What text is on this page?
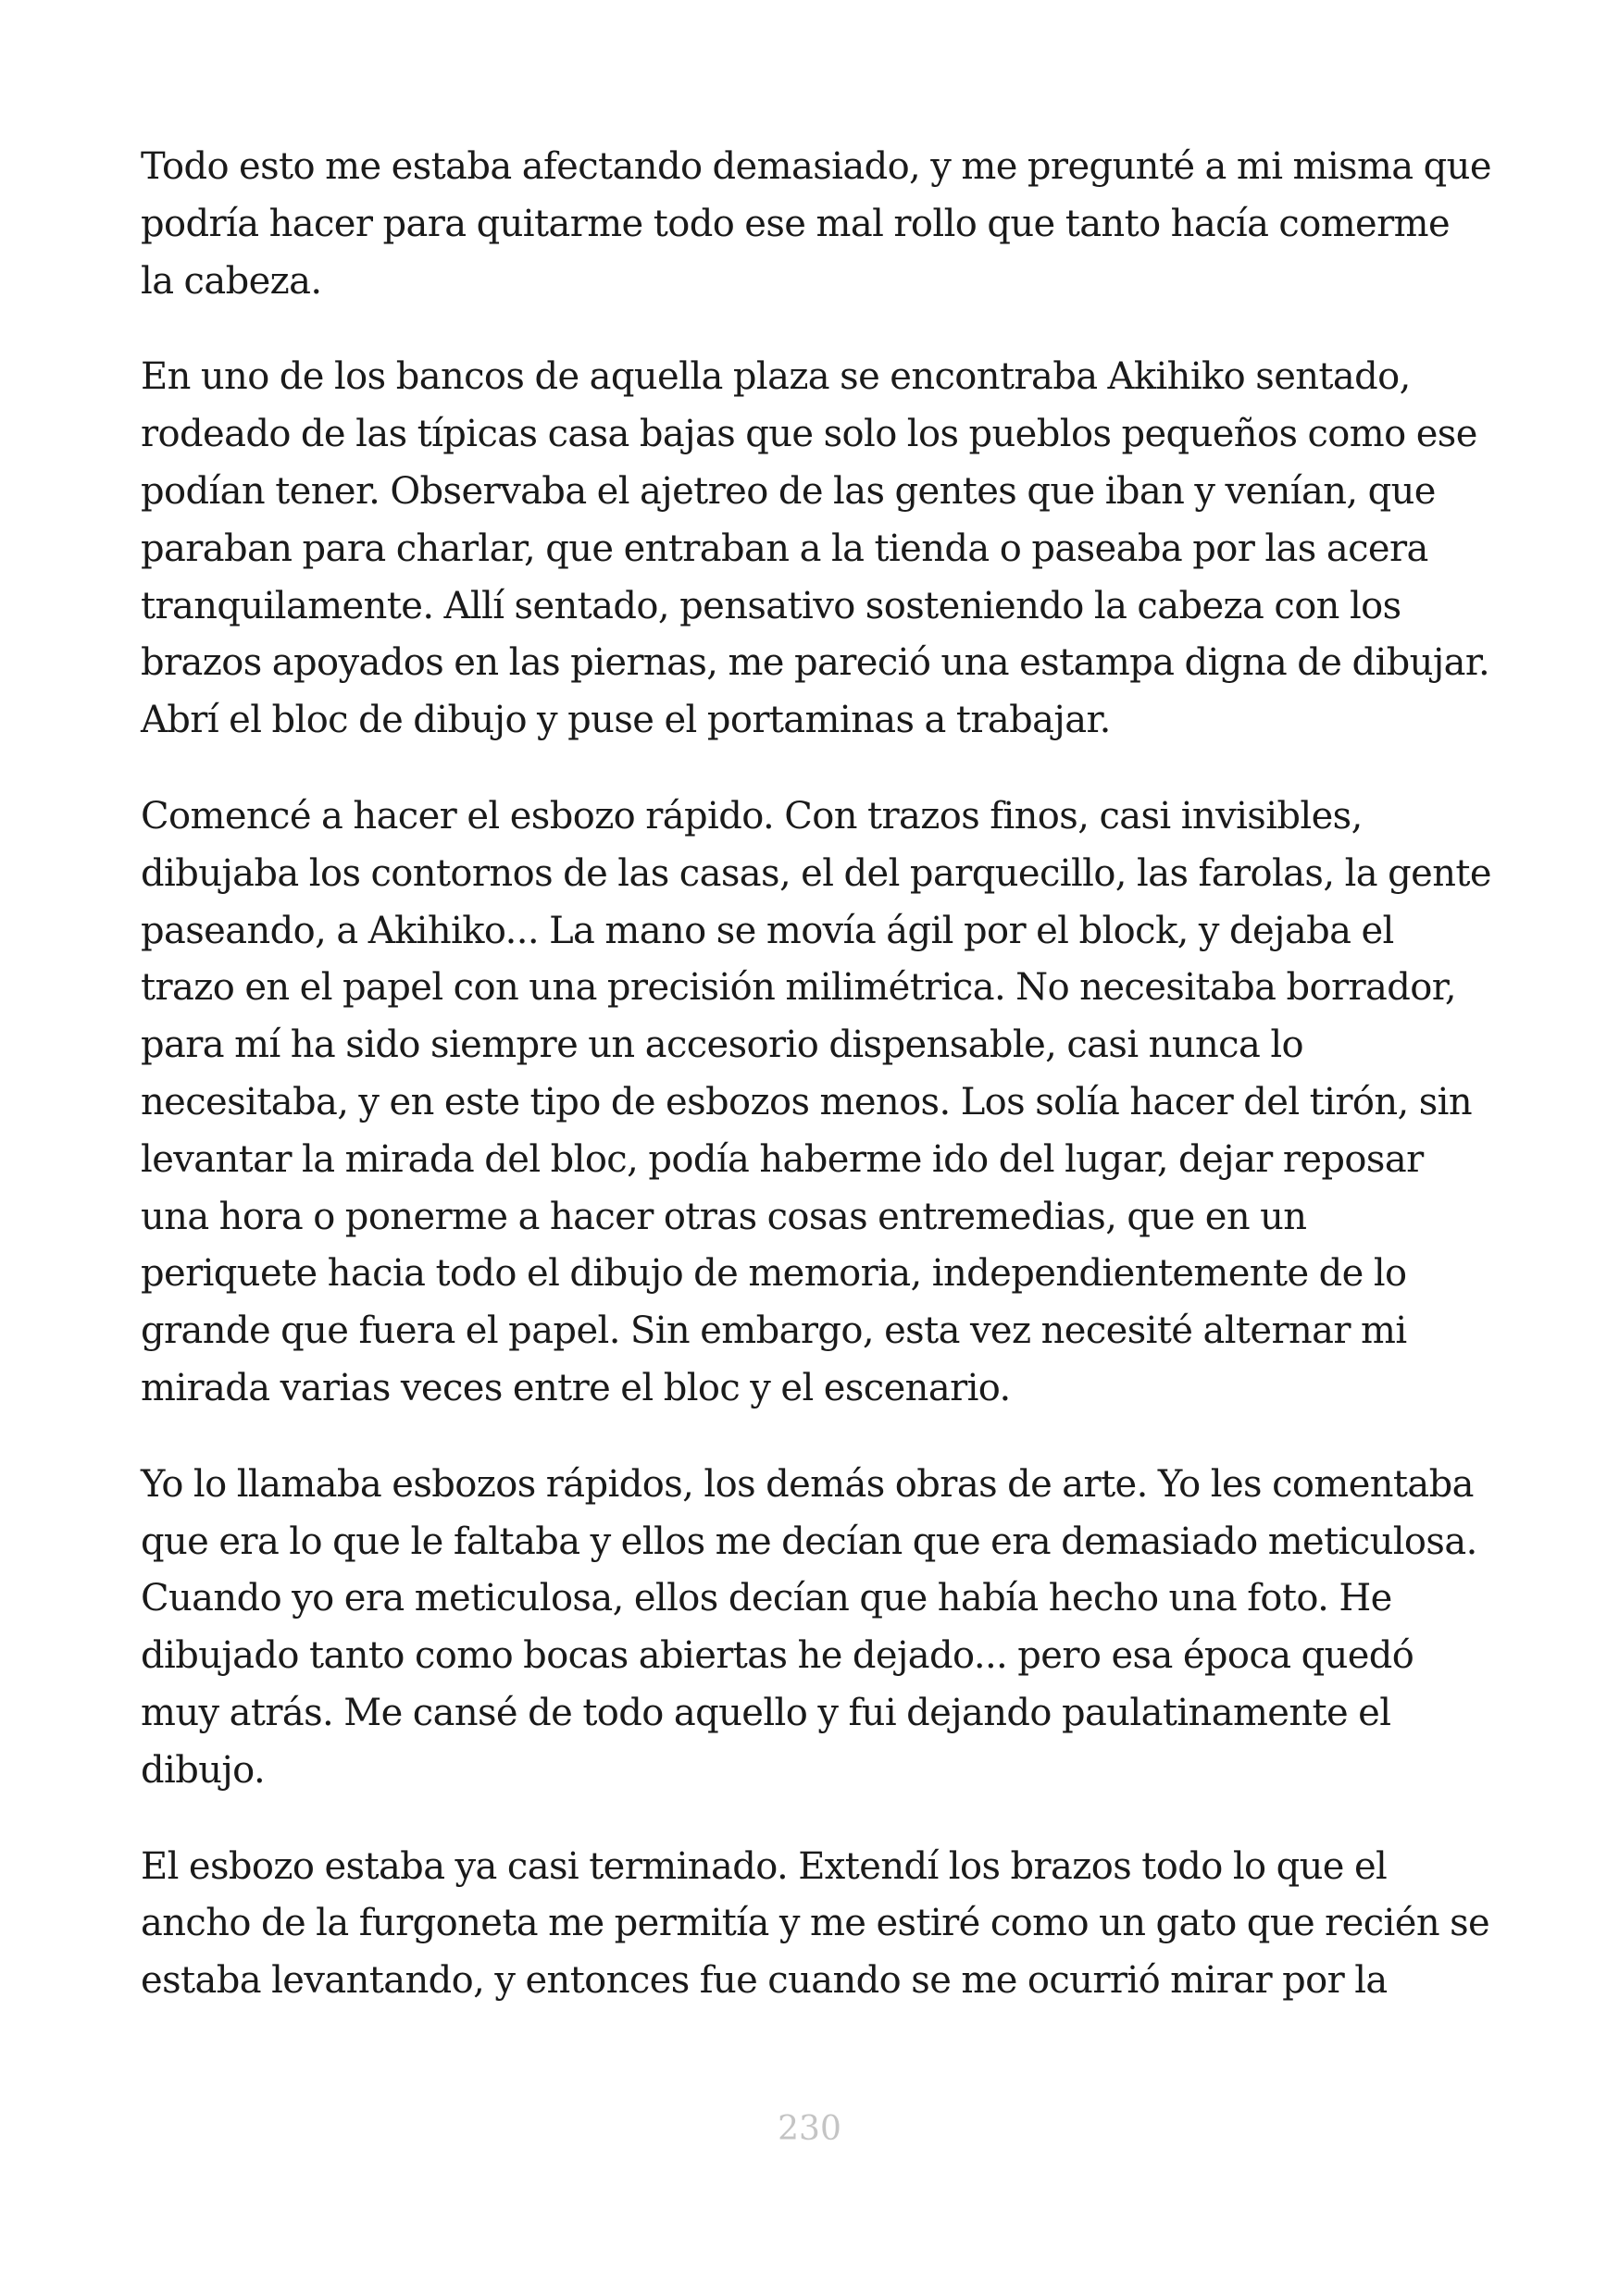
Todo esto me estaba afectando demasiado, y me pregunté a mi misma que podría hacer para quitarme todo ese mal rollo que tanto hacía comerme la cabeza.

En uno de los bancos de aquella plaza se encontraba Akihiko sentado, rodeado de las típicas casa bajas que solo los pueblos pequeños como ese podían tener. Observaba el ajetreo de las gentes que iban y venían, que paraban para charlar, que entraban a la tienda o paseaba por las acera tranquilamente. Allí sentado, pensativo sosteniendo la cabeza con los brazos apoyados en las piernas, me pareció una estampa digna de dibujar. Abrí el bloc de dibujo y puse el portaminas a trabajar.

Comencé a hacer el esbozo rápido. Con trazos finos, casi invisibles, dibujaba los contornos de las casas, el del parquecillo, las farolas, la gente paseando, a Akihiko... La mano se movía ágil por el block, y dejaba el trazo en el papel con una precisión milimétrica. No necesitaba borrador, para mí ha sido siempre un accesorio dispensable, casi nunca lo necesitaba, y en este tipo de esbozos menos. Los solía hacer del tirón, sin levantar la mirada del bloc, podía haberme ido del lugar, dejar reposar una hora o ponerme a hacer otras cosas entremedias, que en un periquete hacia todo el dibujo de memoria, independientemente de lo grande que fuera el papel. Sin embargo, esta vez necesité alternar mi mirada varias veces entre el bloc y el escenario.

Yo lo llamaba esbozos rápidos, los demás obras de arte. Yo les comentaba que era lo que le faltaba y ellos me decían que era demasiado meticulosa. Cuando yo era meticulosa, ellos decían que había hecho una foto. He dibujado tanto como bocas abiertas he dejado... pero esa época quedó muy atrás. Me cansé de todo aquello y fui dejando paulatinamente el dibujo.

El esbozo estaba ya casi terminado. Extendí los brazos todo lo que el ancho de la furgoneta me permitía y me estiré como un gato que recién se estaba levantando, y entonces fue cuando se me ocurrió mirar por la

230
